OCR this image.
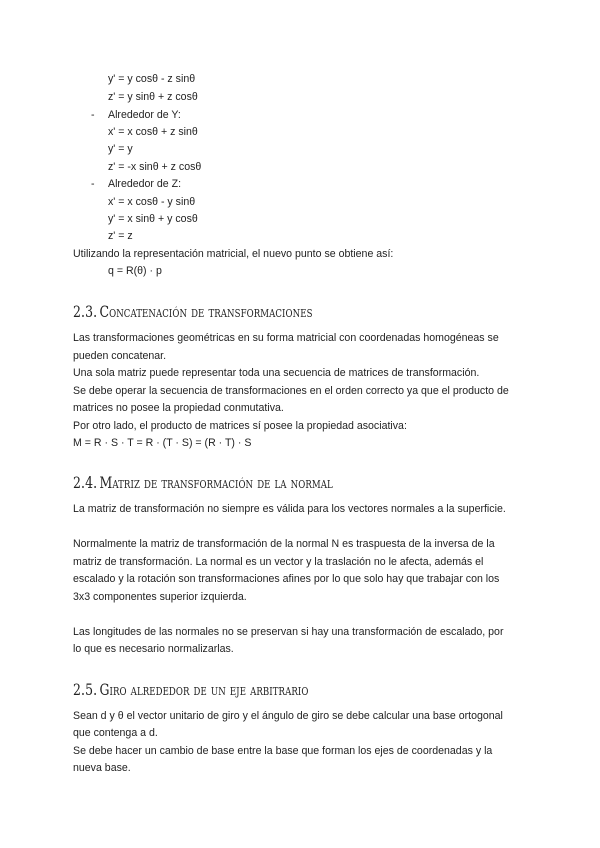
y' = y cosθ - z sinθ
z' = y sinθ + z cosθ
- Alrededor de Y:
x' = x cosθ + z sinθ
y' = y
z' = -x sinθ + z cosθ
- Alrededor de Z:
x' = x cosθ - y sinθ
y' = x sinθ + y cosθ
z' = z
Utilizando la representación matricial, el nuevo punto se obtiene así:
q = R(θ) · p
2.3. Concatenación de transformaciones
Las transformaciones geométricas en su forma matricial con coordenadas homogéneas se
pueden concatenar.
Una sola matriz puede representar toda una secuencia de matrices de transformación.
Se debe operar la secuencia de transformaciones en el orden correcto ya que el producto de
matrices no posee la propiedad conmutativa.
Por otro lado, el producto de matrices sí posee la propiedad asociativa:
M = R · S · T = R · (T · S) = (R · T) · S
2.4. Matriz de transformación de la normal
La matriz de transformación no siempre es válida para los vectores normales a la superficie.
Normalmente la matriz de transformación de la normal N es traspuesta de la inversa de la
matriz de transformación. La normal es un vector y la traslación no le afecta, además el
escalado y la rotación son transformaciones afines por lo que solo hay que trabajar con los
3x3 componentes superior izquierda.
Las longitudes de las normales no se preservan si hay una transformación de escalado, por
lo que es necesario normalizarlas.
2.5. Giro alrededor de un eje arbitrario
Sean d y θ el vector unitario de giro y el ángulo de giro se debe calcular una base ortogonal
que contenga a d.
Se debe hacer un cambio de base entre la base que forman los ejes de coordenadas y la
nueva base.
